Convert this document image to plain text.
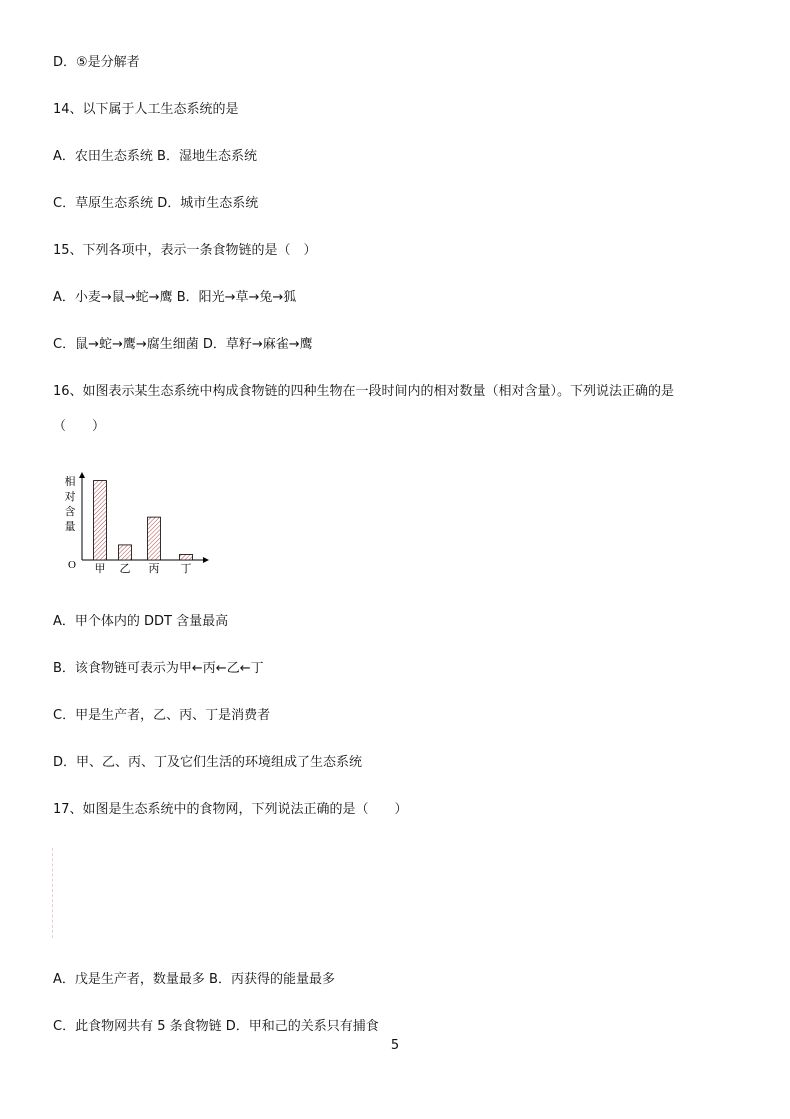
D．⑤是分解者
14、以下属于人工生态系统的是
A．农田生态系统 B．湿地生态系统
C．草原生态系统 D．城市生态系统
15、下列各项中，表示一条食物链的是（　）
A．小麦→鼠→蛇→鹰 B．阳光→草→兔→狐
C．鼠→蛇→鹰→腐生细菌 D．草籽→麻雀→鹰
16、如图表示某生态系统中构成食物链的四种生物在一段时间内的相对数量（相对含量）。下列说法正确的是
（　　）
相
对
含
量
O 甲 乙 丙 丁
A．甲个体内的 DDT 含量最高
B．该食物链可表示为甲←丙←乙←丁
C．甲是生产者，乙、丙、丁是消费者
D．甲、乙、丙、丁及它们生活的环境组成了生态系统
17、如图是生态系统中的食物网，下列说法正确的是（　　）
A．戊是生产者，数量最多 B．丙获得的能量最多
C．此食物网共有 5 条食物链 D．甲和己的关系只有捕食
5
